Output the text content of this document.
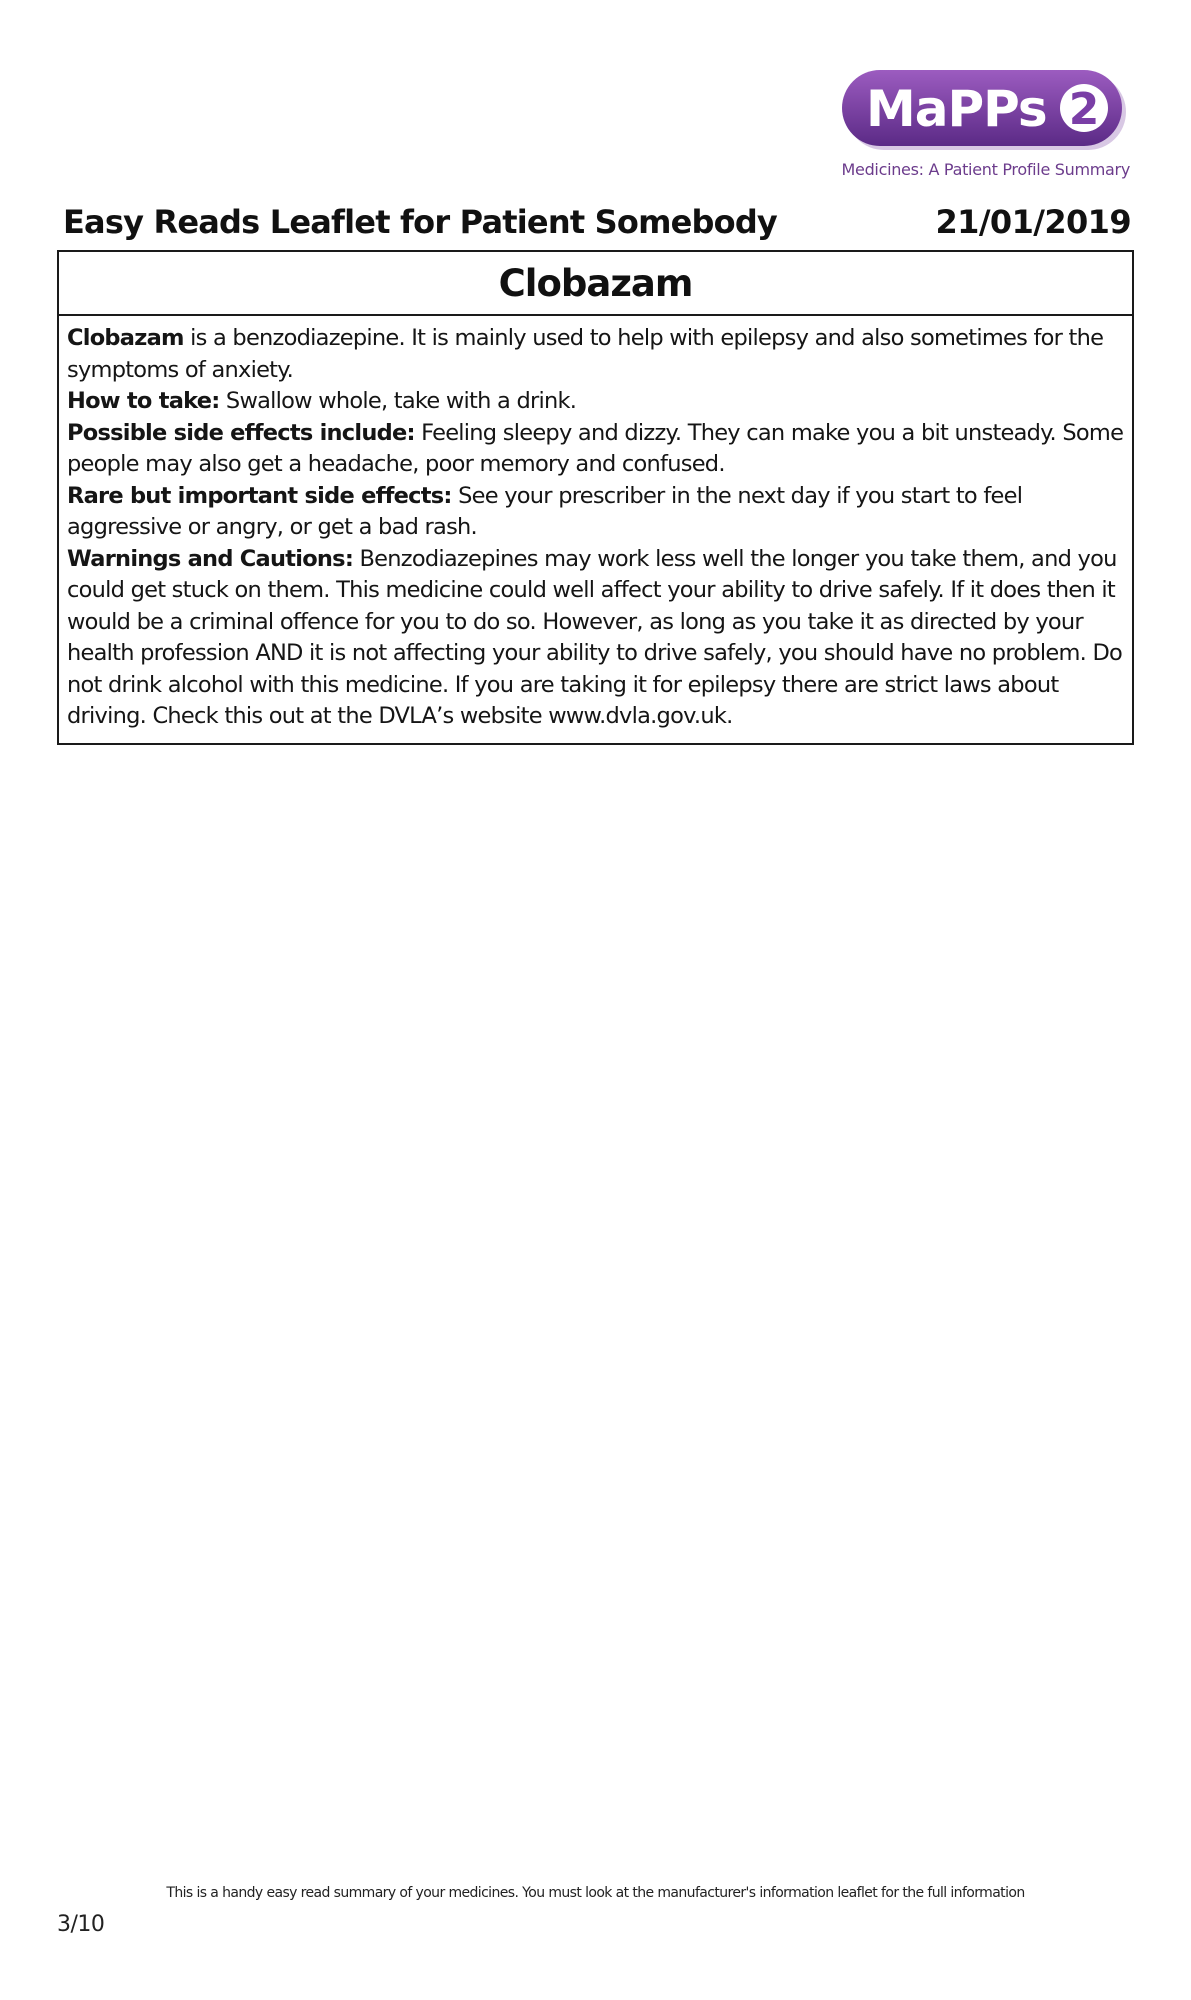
MaPPs 2
Medicines: A Patient Profile Summary
Easy Reads Leaflet for Patient Somebody	21/01/2019
Clobazam

Clobazam is a benzodiazepine. It is mainly used to help with epilepsy and also sometimes for the symptoms of anxiety.

How to take: Swallow whole, take with a drink.

Possible side effects include: Feeling sleepy and dizzy. They can make you a bit unsteady. Some people may also get a headache, poor memory and confused.

Rare but important side effects: See your prescriber in the next day if you start to feel aggressive or angry, or get a bad rash.

Warnings and Cautions: Benzodiazepines may work less well the longer you take them, and you could get stuck on them. This medicine could well affect your ability to drive safely. If it does then it would be a criminal offence for you to do so. However, as long as you take it as directed by your health profession AND it is not affecting your ability to drive safely, you should have no problem. Do not drink alcohol with this medicine. If you are taking it for epilepsy there are strict laws about driving. Check this out at the DVLA’s website www.dvla.gov.uk.

This is a handy easy read summary of your medicines. You must look at the manufacturer's information leaflet for the full information
3/10
